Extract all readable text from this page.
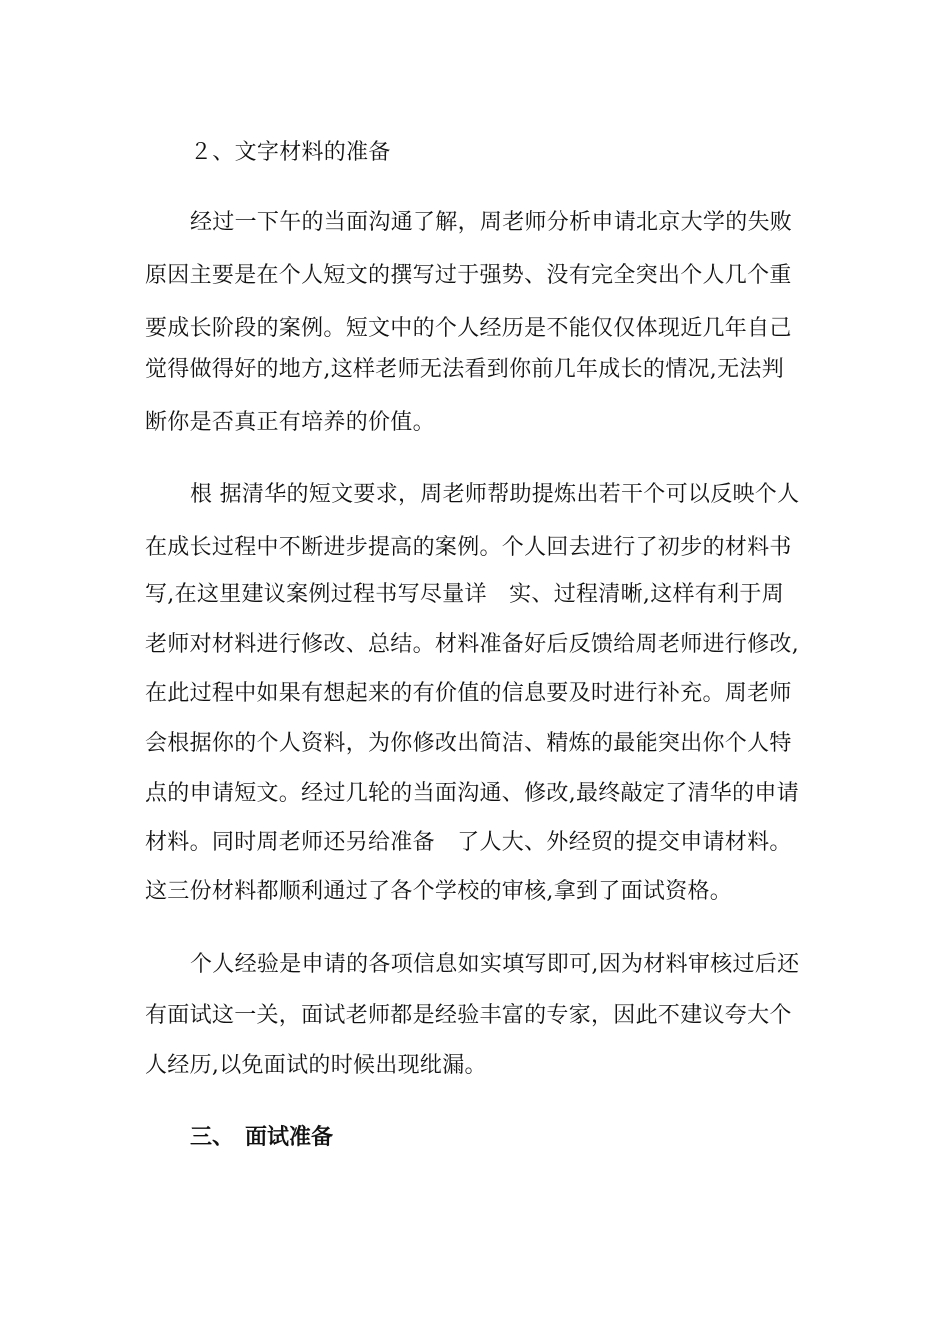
２、文字材料的准备
经过一下午的当面沟通了解，周老师分析申请北京大学的失败
原因主要是在个人短文的撰写过于强势、没有完全突出个人几个重
要成长阶段的案例。短文中的个人经历是不能仅仅体现近几年自己
觉得做得好的地方,这样老师无法看到你前几年成长的情况,无法判
断你是否真正有培养的价值。
根 据清华的短文要求，周老师帮助提炼出若干个可以反映个人
在成长过程中不断进步提高的案例。个人回去进行了初步的材料书
写,在这里建议案例过程书写尽量详　实、过程清晰,这样有利于周
老师对材料进行修改、总结。材料准备好后反馈给周老师进行修改,
在此过程中如果有想起来的有价值的信息要及时进行补充。周老师
会根据你的个人资料，为你修改出简洁、精炼的最能突出你个人特
点的申请短文。经过几轮的当面沟通、修改,最终敲定了清华的申请
材料。同时周老师还另给准备　了人大、外经贸的提交申请材料。
这三份材料都顺利通过了各个学校的审核,拿到了面试资格。
个人经验是申请的各项信息如实填写即可,因为材料审核过后还
有面试这一关，面试老师都是经验丰富的专家，因此不建议夸大个
人经历,以免面试的时候出现纰漏。
三、　面试准备
